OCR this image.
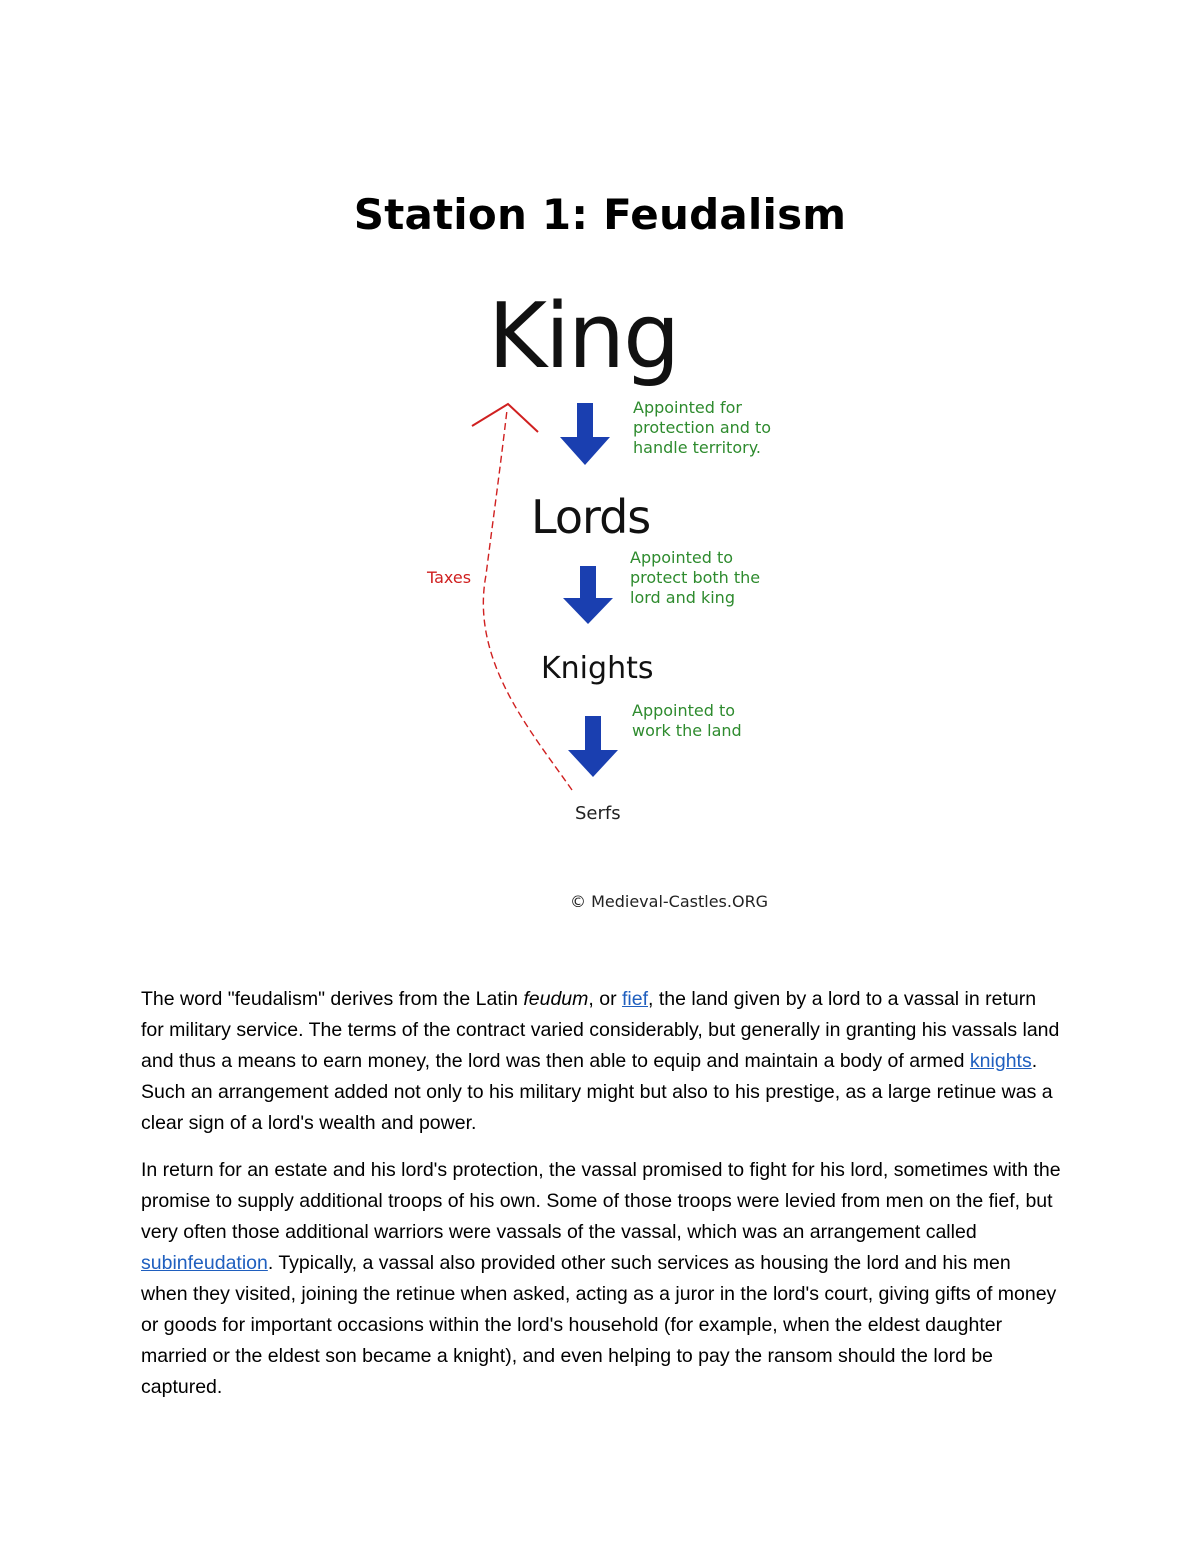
Station 1: Feudalism
King
Lords
Knights
Serfs
Appointed for protection and to handle territory.
Appointed to protect both the lord and king
Appointed to work the land
Taxes
© Medieval-Castles.ORG

The word "feudalism" derives from the Latin feudum, or fief, the land given by a lord to a vassal in return for military service. The terms of the contract varied considerably, but generally in granting his vassals land and thus a means to earn money, the lord was then able to equip and maintain a body of armed knights. Such an arrangement added not only to his military might but also to his prestige, as a large retinue was a clear sign of a lord's wealth and power.

In return for an estate and his lord's protection, the vassal promised to fight for his lord, sometimes with the promise to supply additional troops of his own. Some of those troops were levied from men on the fief, but very often those additional warriors were vassals of the vassal, which was an arrangement called subinfeudation. Typically, a vassal also provided other such services as housing the lord and his men when they visited, joining the retinue when asked, acting as a juror in the lord's court, giving gifts of money or goods for important occasions within the lord's household (for example, when the eldest daughter married or the eldest son became a knight), and even helping to pay the ransom should the lord be captured.
